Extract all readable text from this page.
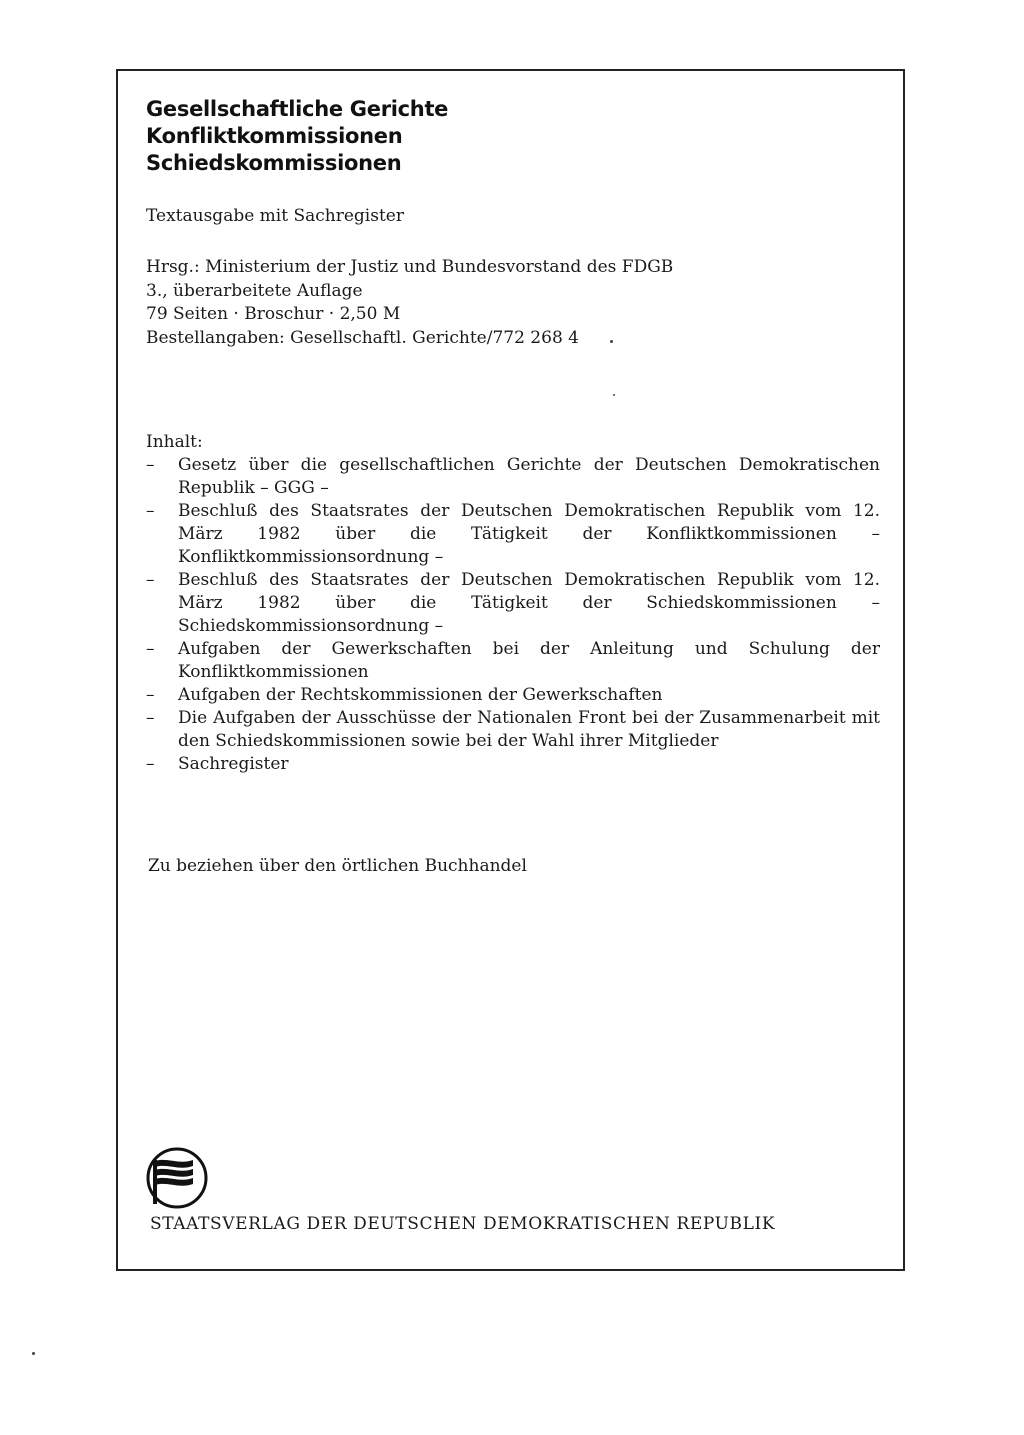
Gesellschaftliche Gerichte
Konfliktkommissionen
Schiedskommissionen
Textausgabe mit Sachregister
Hrsg.: Ministerium der Justiz und Bundesvorstand des FDGB
3., überarbeitete Auflage
79 Seiten · Broschur · 2,50 M
Bestellangaben: Gesellschaftl. Gerichte/772 268 4
Inhalt:
– Gesetz über die gesellschaftlichen Gerichte der Deutschen Demokratischen Republik – GGG –
– Beschluß des Staatsrates der Deutschen Demokratischen Republik vom 12. März 1982 über die Tätigkeit der Konfliktkommissionen – Konfliktkommissionsordnung –
– Beschluß des Staatsrates der Deutschen Demokratischen Republik vom 12. März 1982 über die Tätigkeit der Schiedskommissionen – Schiedskommissionsordnung –
– Aufgaben der Gewerkschaften bei der Anleitung und Schulung der Konfliktkommissionen
– Aufgaben der Rechtskommissionen der Gewerkschaften
– Die Aufgaben der Ausschüsse der Nationalen Front bei der Zusammenarbeit mit den Schiedskommissionen sowie bei der Wahl ihrer Mitglieder
– Sachregister
Zu beziehen über den örtlichen Buchhandel
STAATSVERLAG DER DEUTSCHEN DEMOKRATISCHEN REPUBLIK
